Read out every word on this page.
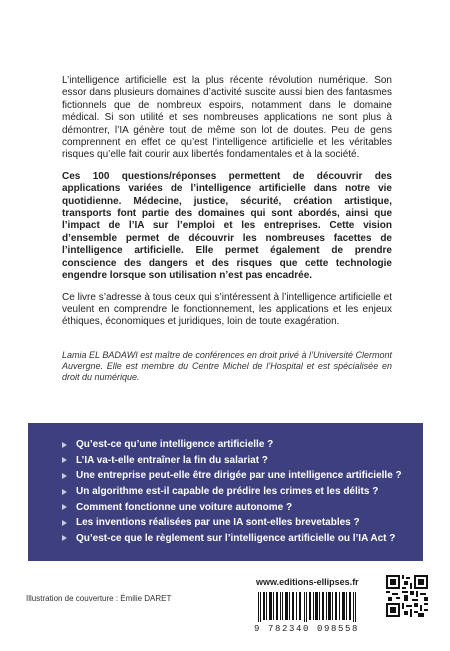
L’intelligence artificielle est la plus récente révolution numérique. Son essor dans plusieurs domaines d’activité suscite aussi bien des fantasmes fictionnels que de nombreux espoirs, notamment dans le domaine médical. Si son utilité et ses nombreuses applications ne sont plus à démontrer, l’IA génère tout de même son lot de doutes. Peu de gens comprennent en effet ce qu’est l’intelligence artificielle et les véritables risques qu’elle fait courir aux libertés fondamentales et à la société.

Ces 100 questions/réponses permettent de découvrir des applications variées de l’intelligence artificielle dans notre vie quotidienne. Médecine, justice, sécurité, création artistique, transports font partie des domaines qui sont abordés, ainsi que l’impact de l’IA sur l’emploi et les entreprises. Cette vision d’ensemble permet de découvrir les nombreuses facettes de l’intelligence artificielle. Elle permet également de prendre conscience des dangers et des risques que cette technologie engendre lorsque son utilisation n’est pas encadrée.

Ce livre s’adresse à tous ceux qui s’intéressent à l’intelligence artificielle et veulent en comprendre le fonctionnement, les applications et les enjeux éthiques, économiques et juridiques, loin de toute exagération.

Lamia EL BADAWI est maître de conférences en droit privé à l’Université Clermont Auvergne. Elle est membre du Centre Michel de l’Hospital et est spécialisée en droit du numérique.
Qu’est-ce qu’une intelligence artificielle ?
L’IA va-t-elle entraîner la fin du salariat ?
Une entreprise peut-elle être dirigée par une intelligence artificielle ?
Un algorithme est-il capable de prédire les crimes et les délits ?
Comment fonctionne une voiture autonome ?
Les inventions réalisées par une IA sont-elles brevetables ?
Qu’est-ce que le règlement sur l’intelligence artificielle ou l’IA Act ?
Illustration de couverture : Émilie DARET
www.editions-ellipses.fr
9 782340 098558
